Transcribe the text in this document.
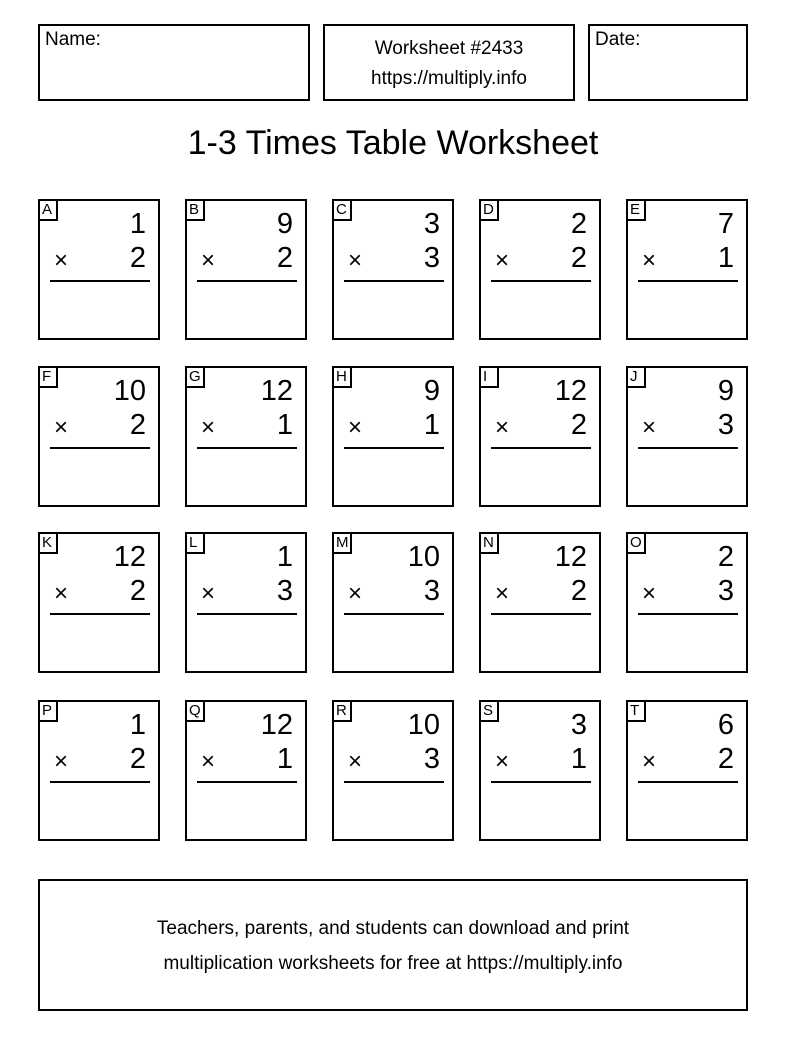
Name:	Worksheet #2433
https://multiply.info
Date:
1-3 Times Table Worksheet
A	1
× 2
B	9
× 2
C	3
× 3
D	2
× 2
E	7
× 1
F 10
× 2
G 12
× 1
H	9
× 1
I	12
× 2
J	9
× 3
K 12
× 2
L	1
× 3
M 10
× 3
N 12
× 2
O	2
× 3
P	1
× 2
Q 12
× 1
R 10
× 3
S	3
× 1
T	6
× 2
Teachers, parents, and students can download and print
multiplication worksheets for free at https://multiply.info
